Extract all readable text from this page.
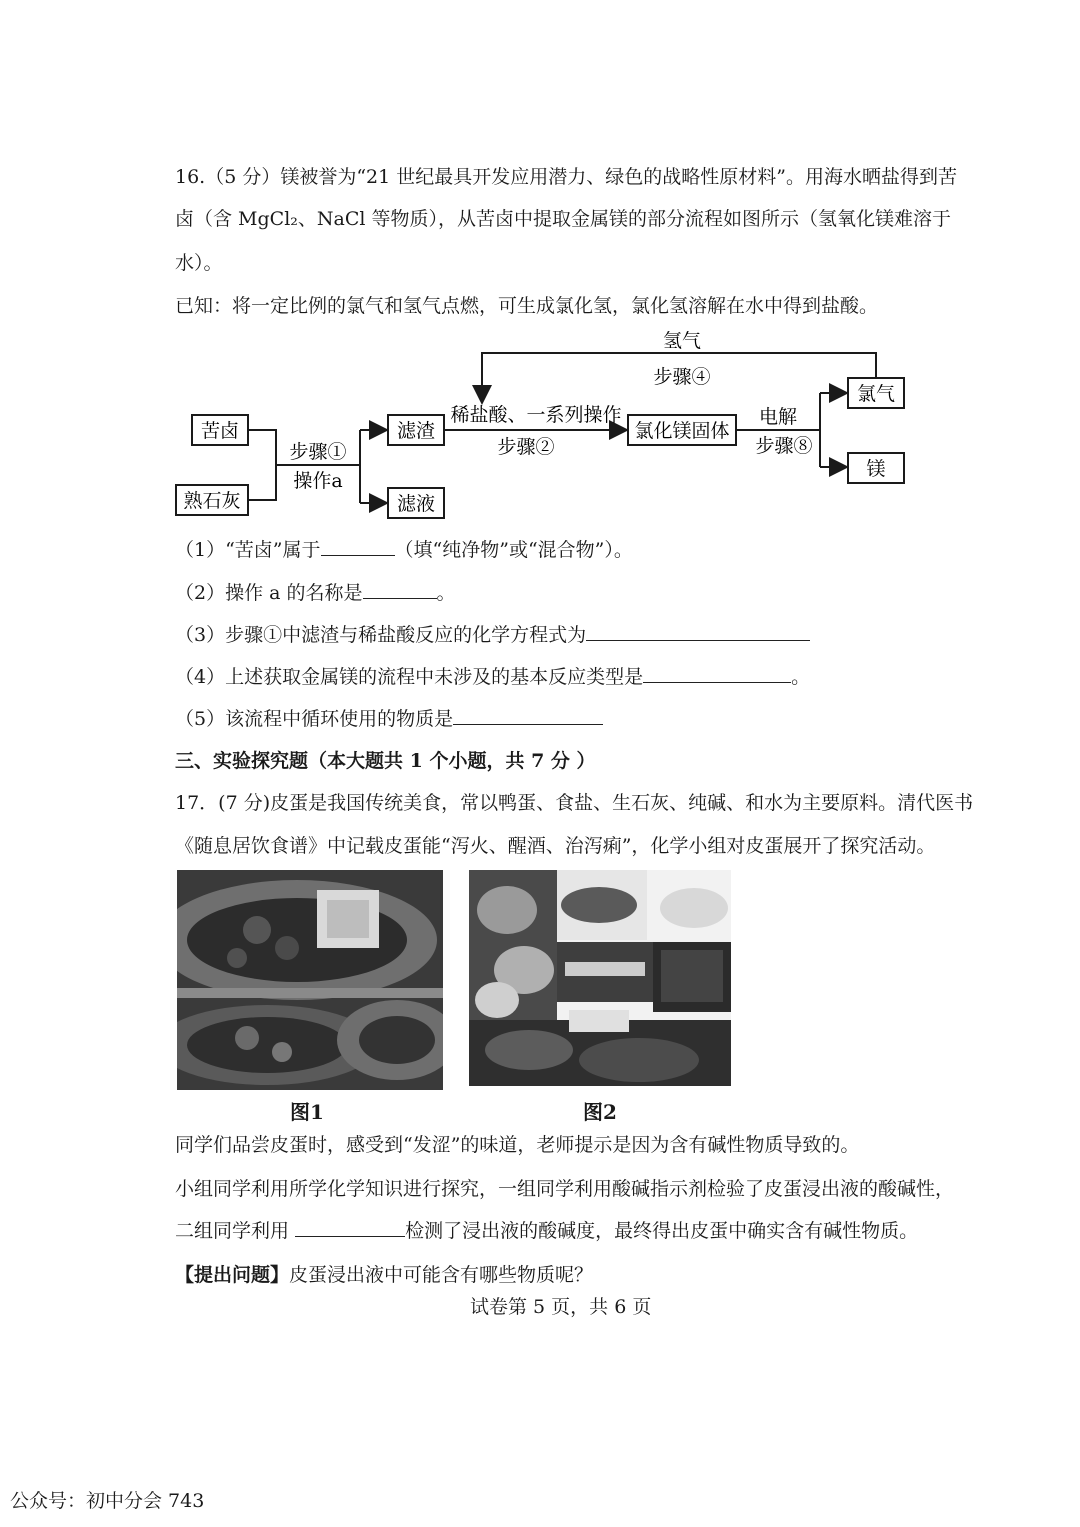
16.（5 分）镁被誉为“21 世纪最具开发应用潜力、绿色的战略性原材料”。用海水晒盐得到苦
卤（含 MgCl₂、NaCl 等物质），从苦卤中提取金属镁的部分流程如图所示（氢氧化镁难溶于
水）。
已知：将一定比例的氯气和氢气点燃，可生成氯化氢，氯化氢溶解在水中得到盐酸。
苦卤
熟石灰
滤渣
滤液
氯化镁固体
氯气
镁
步骤①
操作a
稀盐酸、一系列操作
步骤②
电解
步骤⑧
氢气
步骤④
（1）“苦卤”属于	（填“纯净物”或“混合物”）。
（2）操作 a 的名称是	。
（3）步骤①中滤渣与稀盐酸反应的化学方程式为
（4）上述获取金属镁的流程中未涉及的基本反应类型是	。
（5）该流程中循环使用的物质是
三、实验探究题（本大题共 1 个小题，共 7 分 ）
17．(7 分)皮蛋是我国传统美食，常以鸭蛋、食盐、生石灰、纯碱、和水为主要原料。清代医书
《随息居饮食谱》中记载皮蛋能“泻火、醒酒、治泻痢”，化学小组对皮蛋展开了探究活动。
图1	图2
同学们品尝皮蛋时，感受到“发涩”的味道，老师提示是因为含有碱性物质导致的。
小组同学利用所学化学知识进行探究，一组同学利用酸碱指示剂检验了皮蛋浸出液的酸碱性，
二组同学利用	检测了浸出液的酸碱度，最终得出皮蛋中确实含有碱性物质。
【提出问题】皮蛋浸出液中可能含有哪些物质呢？
试卷第 5 页，共 6 页
公众号：初中分会 743
